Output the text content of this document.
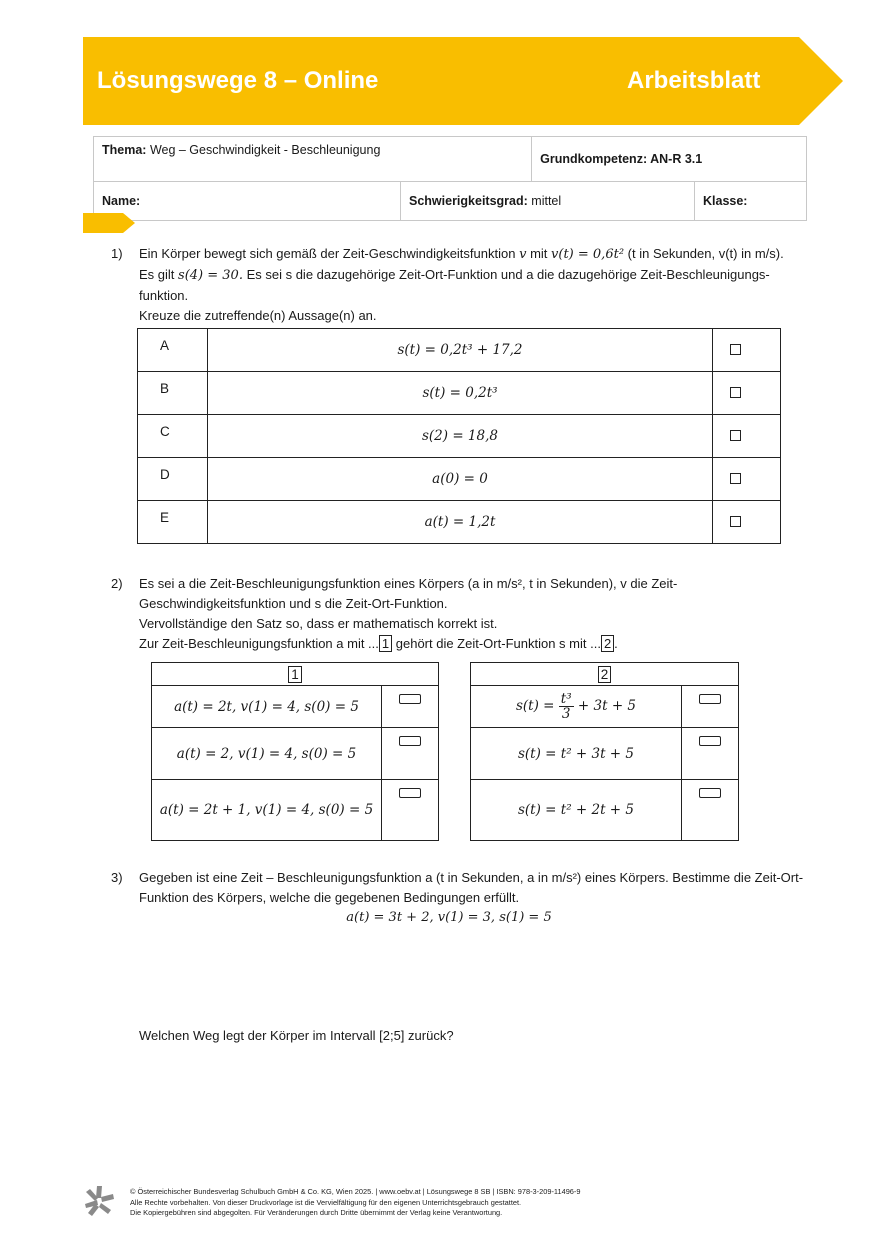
Lösungswege 8 – Online	Arbeitsblatt
Thema: Weg – Geschwindigkeit - Beschleunigung		Grundkompetenz: AN-R 3.1	
Name:	Schwierigkeitsgrad: mittel		Klasse:
1) Ein Körper bewegt sich gemäß der Zeit-Geschwindigkeitsfunktion v mit v(t) = 0,6t² (t in Sekunden, v(t) in m/s).
Es gilt s(4) = 30. Es sei s die dazugehörige Zeit-Ort-Funktion und a die dazugehörige Zeit-Beschleunigungs-
funktion.
Kreuze die zutreffende(n) Aussage(n) an.
A	s(t) = 0,2t³ + 17,2	
B	s(t) = 0,2t³	
C	s(2) = 18,8	
D	a(0) = 0	
E	a(t) = 1,2t	
2) Es sei a die Zeit-Beschleunigungsfunktion eines Körpers (a in m/s², t in Sekunden), v die Zeit-
Geschwindigkeitsfunktion und s die Zeit-Ort-Funktion.
Vervollständige den Satz so, dass er mathematisch korrekt ist.
Zur Zeit-Beschleunigungsfunktion a mit ... 1 gehört die Zeit-Ort-Funktion s mit ... 2 .
1	
a(t) = 2t, v(1) = 4, s(0) = 5	
a(t) = 2, v(1) = 4, s(0) = 5	
a(t) = 2t + 1, v(1) = 4, s(0) = 5	
2	
$s(t) = \frac{\text{t³}}{3} + 3t + 5$	
s(t) = t² + 3t + 5	
s(t) = t² + 2t + 5	
3) Gegeben ist eine Zeit – Beschleunigungsfunktion a (t in Sekunden, a in m/s²) eines Körpers. Bestimme die Zeit-Ort-
Funktion des Körpers, welche die gegebenen Bedingungen erfüllt.
a(t) = 3t + 2, v(1) = 3, s(1) = 5
Welchen Weg legt der Körper im Intervall [2;5] zurück?
© Österreichischer Bundesverlag Schulbuch GmbH & Co. KG, Wien 2025. | www.oebv.at | Lösungswege 8 SB | ISBN: 978-3-209-11496-9
Alle Rechte vorbehalten. Von dieser Druckvorlage ist die Vervielfältigung für den eigenen Unterrichtsgebrauch gestattet.
Die Kopiergebühren sind abgegolten. Für Veränderungen durch Dritte übernimmt der Verlag keine Verantwortung.
